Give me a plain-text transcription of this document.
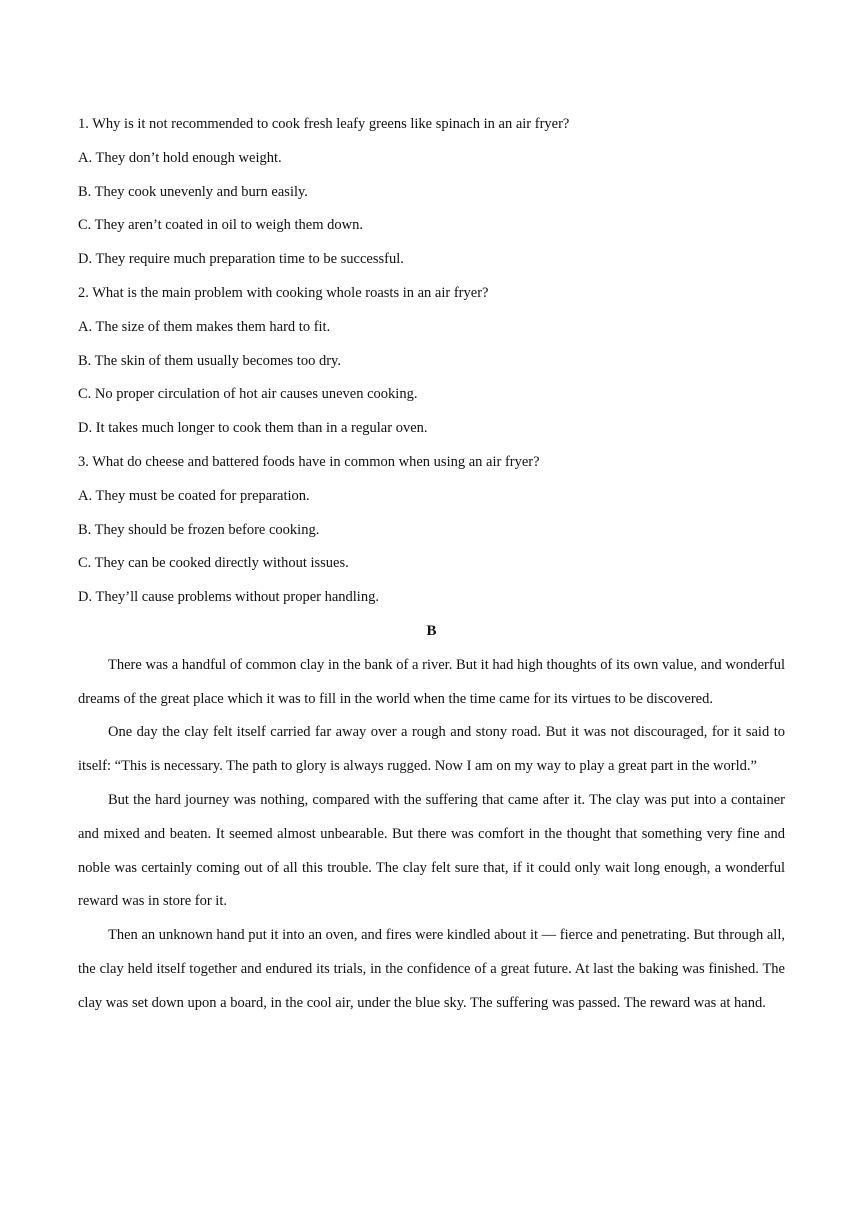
1. Why is it not recommended to cook fresh leafy greens like spinach in an air fryer?

A. They don’t hold enough weight.

B. They cook unevenly and burn easily.

C. They aren’t coated in oil to weigh them down.

D. They require much preparation time to be successful.

2. What is the main problem with cooking whole roasts in an air fryer?

A. The size of them makes them hard to fit.

B. The skin of them usually becomes too dry.

C. No proper circulation of hot air causes uneven cooking.

D. It takes much longer to cook them than in a regular oven.

3. What do cheese and battered foods have in common when using an air fryer?

A. They must be coated for preparation.

B. They should be frozen before cooking.

C. They can be cooked directly without issues.

D. They’ll cause problems without proper handling.

B

There was a handful of common clay in the bank of a river. But it had high thoughts of its own value, and wonderful dreams of the great place which it was to fill in the world when the time came for its virtues to be discovered.

One day the clay felt itself carried far away over a rough and stony road. But it was not discouraged, for it said to itself: “This is necessary. The path to glory is always rugged. Now I am on my way to play a great part in the world.”

But the hard journey was nothing, compared with the suffering that came after it. The clay was put into a container and mixed and beaten. It seemed almost unbearable. But there was comfort in the thought that something very fine and noble was certainly coming out of all this trouble. The clay felt sure that, if it could only wait long enough, a wonderful reward was in store for it.

Then an unknown hand put it into an oven, and fires were kindled about it — fierce and penetrating. But through all, the clay held itself together and endured its trials, in the confidence of a great future. At last the baking was finished. The clay was set down upon a board, in the cool air, under the blue sky. The suffering was passed. The reward was at hand.
